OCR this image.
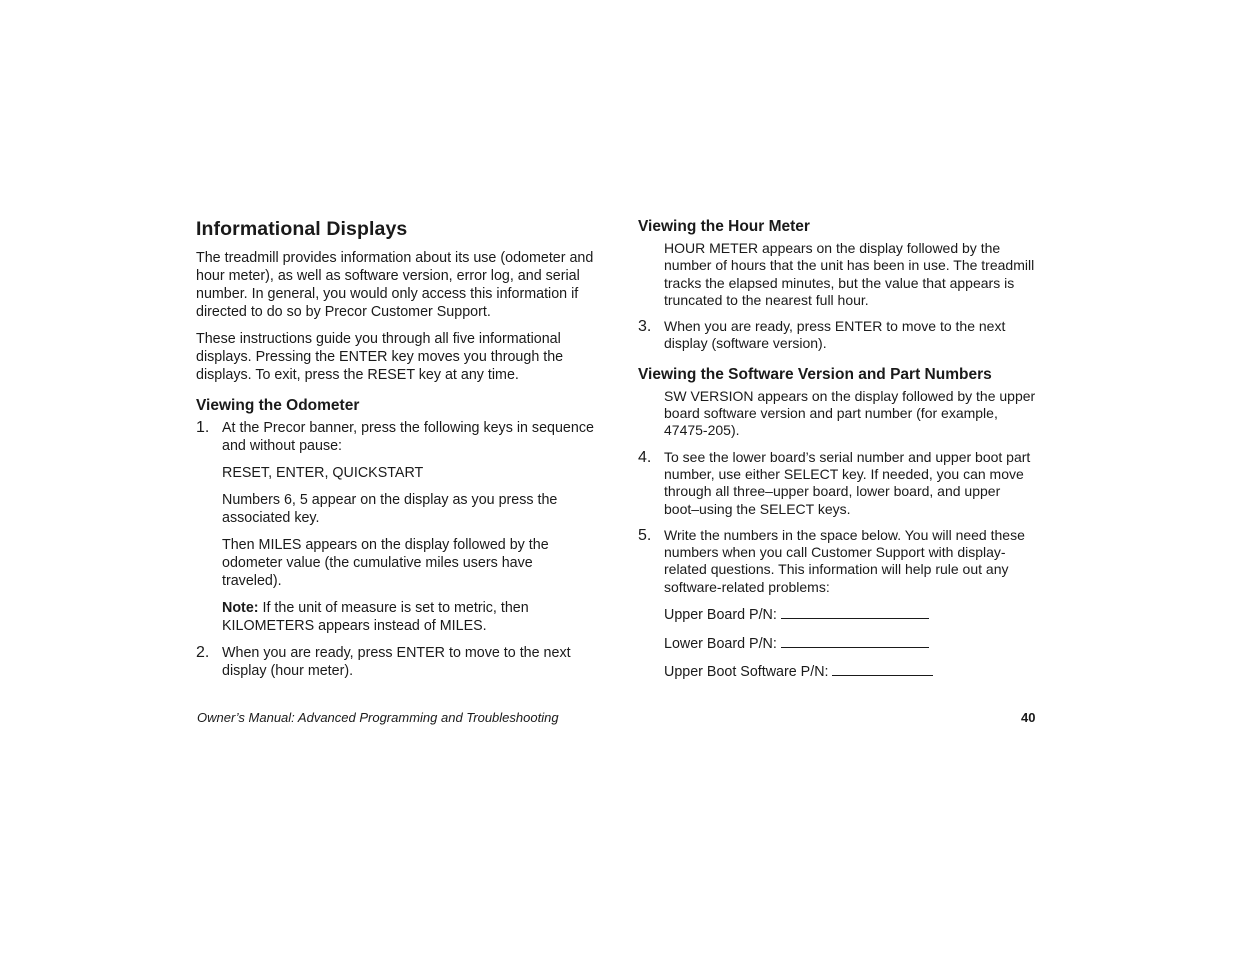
Informational Displays

The treadmill provides information about its use (odometer and hour meter), as well as software version, error log, and serial number. In general, you would only access this information if directed to do so by Precor Customer Support.

These instructions guide you through all five informational displays. Pressing the ENTER key moves you through the displays. To exit, press the RESET key at any time.

Viewing the Odometer
1. At the Precor banner, press the following keys in sequence and without pause:

RESET, ENTER, QUICKSTART

Numbers 6, 5 appear on the display as you press the associated key.

Then MILES appears on the display followed by the odometer value (the cumulative miles users have traveled).

Note: If the unit of measure is set to metric, then KILOMETERS appears instead of MILES.

2. When you are ready, press ENTER to move to the next display (hour meter).

Viewing the Hour Meter

HOUR METER appears on the display followed by the number of hours that the unit has been in use. The treadmill tracks the elapsed minutes, but the value that appears is truncated to the nearest full hour.

3. When you are ready, press ENTER to move to the next display (software version).

Viewing the Software Version and Part Numbers

SW VERSION appears on the display followed by the upper board software version and part number (for example, 47475-205).

4. To see the lower board’s serial number and upper boot part number, use either SELECT key. If needed, you can move through all three–upper board, lower board, and upper boot–using the SELECT keys.

5. Write the numbers in the space below. You will need these numbers when you call Customer Support with display-related questions. This information will help rule out any software-related problems:

Upper Board P/N:

Lower Board P/N:

Upper Boot Software P/N:

Owner’s Manual: Advanced Programming and Troubleshooting	40
